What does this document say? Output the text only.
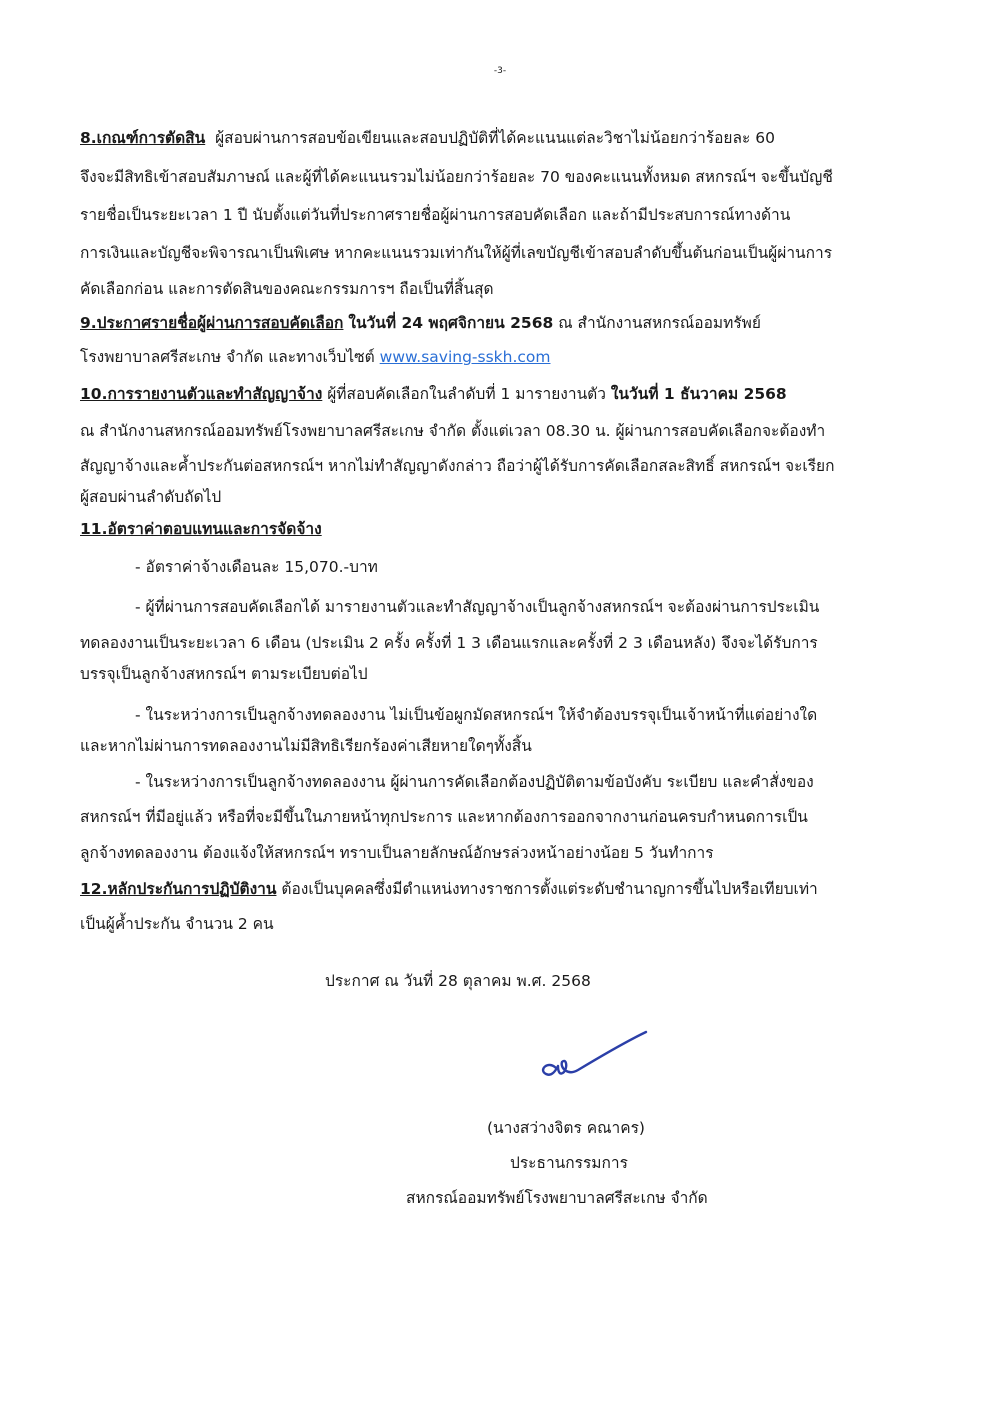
-3-
8.เกณฑ์การตัดสิน ผู้สอบผ่านการสอบข้อเขียนและสอบปฏิบัติที่ได้คะแนนแต่ละวิชาไม่น้อยกว่าร้อยละ 60
จึงจะมีสิทธิเข้าสอบสัมภาษณ์ และผู้ที่ได้คะแนนรวมไม่น้อยกว่าร้อยละ 70 ของคะแนนทั้งหมด สหกรณ์ฯ จะขึ้นบัญชี
รายชื่อเป็นระยะเวลา 1 ปี นับตั้งแต่วันที่ประกาศรายชื่อผู้ผ่านการสอบคัดเลือก และถ้ามีประสบการณ์ทางด้าน
การเงินและบัญชีจะพิจารณาเป็นพิเศษ หากคะแนนรวมเท่ากันให้ผู้ที่เลขบัญชีเข้าสอบลำดับขึ้นต้นก่อนเป็นผู้ผ่านการ
คัดเลือกก่อน และการตัดสินของคณะกรรมการฯ ถือเป็นที่สิ้นสุด
9.ประกาศรายชื่อผู้ผ่านการสอบคัดเลือก ในวันที่ 24 พฤศจิกายน 2568 ณ สำนักงานสหกรณ์ออมทรัพย์
โรงพยาบาลศรีสะเกษ จำกัด และทางเว็บไซต์ www.saving-sskh.com
10.การรายงานตัวและทำสัญญาจ้าง ผู้ที่สอบคัดเลือกในลำดับที่ 1 มารายงานตัว ในวันที่ 1 ธันวาคม 2568
ณ สำนักงานสหกรณ์ออมทรัพย์โรงพยาบาลศรีสะเกษ จำกัด ตั้งแต่เวลา 08.30 น. ผู้ผ่านการสอบคัดเลือกจะต้องทำ
สัญญาจ้างและค้ำประกันต่อสหกรณ์ฯ หากไม่ทำสัญญาดังกล่าว ถือว่าผู้ได้รับการคัดเลือกสละสิทธิ์ สหกรณ์ฯ จะเรียก
ผู้สอบผ่านลำดับถัดไป
11.อัตราค่าตอบแทนและการจัดจ้าง
- อัตราค่าจ้างเดือนละ 15,070.-บาท
- ผู้ที่ผ่านการสอบคัดเลือกได้ มารายงานตัวและทำสัญญาจ้างเป็นลูกจ้างสหกรณ์ฯ จะต้องผ่านการประเมิน
ทดลองงานเป็นระยะเวลา 6 เดือน (ประเมิน 2 ครั้ง ครั้งที่ 1 3 เดือนแรกและครั้งที่ 2 3 เดือนหลัง) จึงจะได้รับการ
บรรจุเป็นลูกจ้างสหกรณ์ฯ ตามระเบียบต่อไป
- ในระหว่างการเป็นลูกจ้างทดลองงาน ไม่เป็นข้อผูกมัดสหกรณ์ฯ ให้จำต้องบรรจุเป็นเจ้าหน้าที่แต่อย่างใด
และหากไม่ผ่านการทดลองงานไม่มีสิทธิเรียกร้องค่าเสียหายใดๆทั้งสิ้น
- ในระหว่างการเป็นลูกจ้างทดลองงาน ผู้ผ่านการคัดเลือกต้องปฏิบัติตามข้อบังคับ ระเบียบ และคำสั่งของ
สหกรณ์ฯ ที่มีอยู่แล้ว หรือที่จะมีขึ้นในภายหน้าทุกประการ และหากต้องการออกจากงานก่อนครบกำหนดการเป็น
ลูกจ้างทดลองงาน ต้องแจ้งให้สหกรณ์ฯ ทราบเป็นลายลักษณ์อักษรล่วงหน้าอย่างน้อย 5 วันทำการ
12.หลักประกันการปฏิบัติงาน ต้องเป็นบุคคลซึ่งมีตำแหน่งทางราชการตั้งแต่ระดับชำนาญการขึ้นไปหรือเทียบเท่า
เป็นผู้ค้ำประกัน จำนวน 2 คน
ประกาศ ณ วันที่ 28 ตุลาคม พ.ศ. 2568
(นางสว่างจิตร คณาคร)
ประธานกรรมการ
สหกรณ์ออมทรัพย์โรงพยาบาลศรีสะเกษ จำกัด
